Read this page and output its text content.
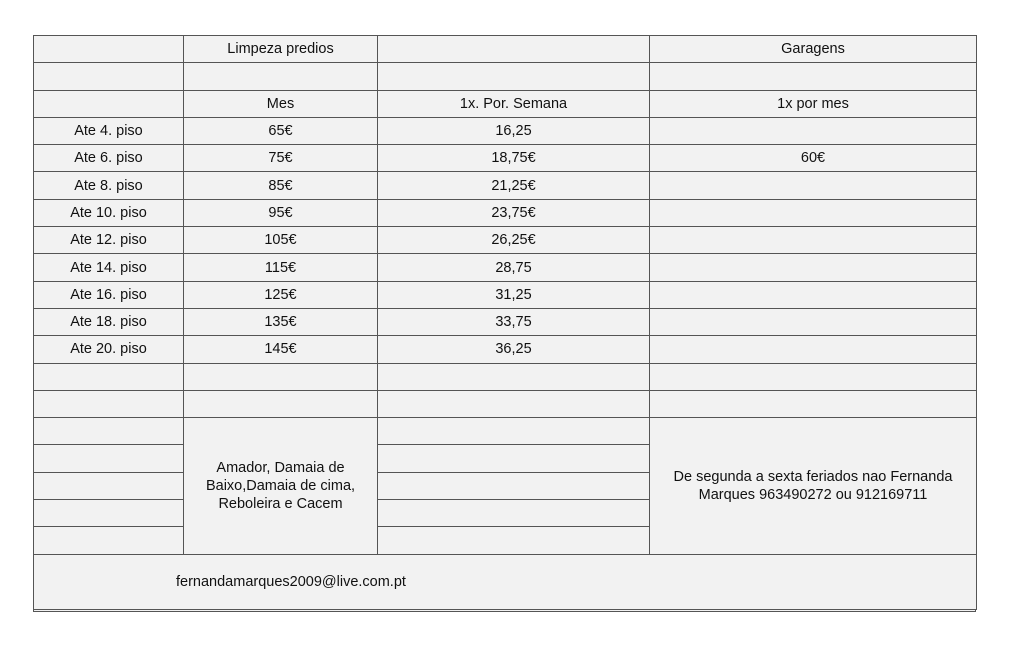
	Limpeza predios		Garagens

	Mes	1x. Por. Semana	1x por mes
Ate 4. piso	65€	16,25	
Ate 6. piso	75€	18,75€	60€
Ate 8. piso	85€	21,25€	
Ate 10. piso	95€	23,75€	
Ate 12. piso	105€	26,25€	
Ate 14. piso	115€	28,75	
Ate 16. piso	125€	31,25	
Ate 18. piso	135€	33,75	
Ate 20. piso	145€	36,25	

	Amador, Damaia de Baixo,Damaia de cima, Reboleira e Cacem		De segunda a sexta feriados nao Fernanda Marques 963490272 ou 912169711

fernandamarques2009@live.com.pt			
